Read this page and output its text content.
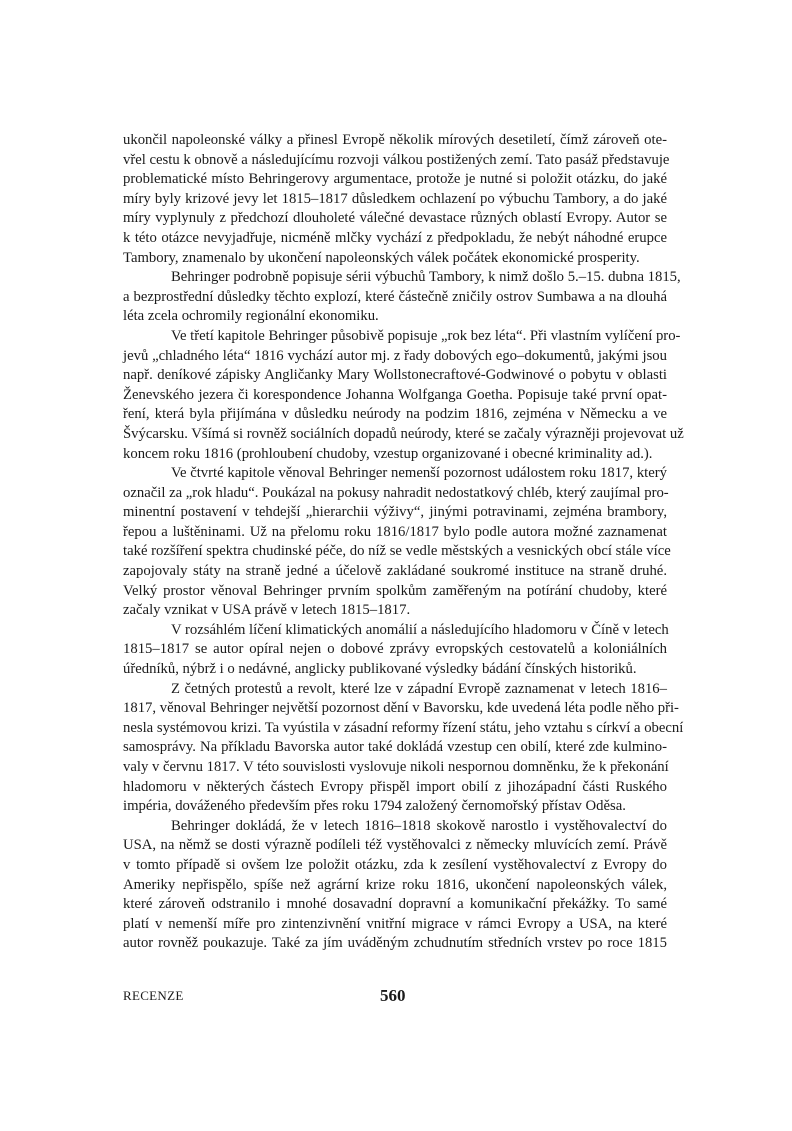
ukončil napoleonské války a přinesl Evropě několik mírových desetiletí, čímž zároveň ote-
vřel cestu k obnově a následujícímu rozvoji válkou postižených zemí. Tato pasáž představuje
problematické místo Behringerovy argumentace, protože je nutné si položit otázku, do jaké
míry byly krizové jevy let 1815–1817 důsledkem ochlazení po výbuchu Tambory, a do jaké
míry vyplynuly z předchozí dlouholeté válečné devastace různých oblastí Evropy. Autor se
k této otázce nevyjadřuje, nicméně mlčky vychází z předpokladu, že nebýt náhodné erupce
Tambory, znamenalo by ukončení napoleonských válek počátek ekonomické prosperity.
Behringer podrobně popisuje sérii výbuchů Tambory, k nimž došlo 5.–15. dubna 1815,
a bezprostřední důsledky těchto explozí, které částečně zničily ostrov Sumbawa a na dlouhá
léta zcela ochromily regionální ekonomiku.
Ve třetí kapitole Behringer působivě popisuje „rok bez léta“. Při vlastním vylíčení pro-
jevů „chladného léta“ 1816 vychází autor mj. z řady dobových ego–dokumentů, jakými jsou
např. deníkové zápisky Angličanky Mary Wollstonecraftové-Godwinové o pobytu v oblasti
Ženevského jezera či korespondence Johanna Wolfganga Goetha. Popisuje také první opat-
ření, která byla přijímána v důsledku neúrody na podzim 1816, zejména v Německu a ve
Švýcarsku. Všímá si rovněž sociálních dopadů neúrody, které se začaly výrazněji projevovat už
koncem roku 1816 (prohloubení chudoby, vzestup organizované i obecné kriminality ad.).
Ve čtvrté kapitole věnoval Behringer nemenší pozornost událostem roku 1817, který
označil za „rok hladu“. Poukázal na pokusy nahradit nedostatkový chléb, který zaujímal pro-
minentní postavení v tehdejší „hierarchii výživy“, jinými potravinami, zejména brambory,
řepou a luštěninami. Už na přelomu roku 1816/1817 bylo podle autora možné zaznamenat
také rozšíření spektra chudinské péče, do níž se vedle městských a vesnických obcí stále více
zapojovaly státy na straně jedné a účelově zakládané soukromé instituce na straně druhé.
Velký prostor věnoval Behringer prvním spolkům zaměřeným na potírání chudoby, které
začaly vznikat v USA právě v letech 1815–1817.
V rozsáhlém líčení klimatických anomálií a následujícího hladomoru v Číně v letech
1815–1817 se autor opíral nejen o dobové zprávy evropských cestovatelů a koloniálních
úředníků, nýbrž i o nedávné, anglicky publikované výsledky bádání čínských historiků.
Z četných protestů a revolt, které lze v západní Evropě zaznamenat v letech 1816–
1817, věnoval Behringer největší pozornost dění v Bavorsku, kde uvedená léta podle něho při-
nesla systémovou krizi. Ta vyústila v zásadní reformy řízení státu, jeho vztahu s církví a obecní
samosprávy. Na příkladu Bavorska autor také dokládá vzestup cen obilí, které zde kulmino-
valy v červnu 1817. V této souvislosti vyslovuje nikoli nespornou domněnku, že k překonání
hladomoru v některých částech Evropy přispěl import obilí z jihozápadní části Ruského
impéria, dováženého především přes roku 1794 založený černomořský přístav Oděsa.
Behringer dokládá, že v letech 1816–1818 skokově narostlo i vystěhovalectví do
USA, na němž se dosti výrazně podíleli též vystěhovalci z německy mluvících zemí. Právě
v tomto případě si ovšem lze položit otázku, zda k zesílení vystěhovalectví z Evropy do
Ameriky nepřispělo, spíše než agrární krize roku 1816, ukončení napoleonských válek,
které zároveň odstranilo i mnohé dosavadní dopravní a komunikační překážky. To samé
platí v nemenší míře pro zintenzivnění vnitřní migrace v rámci Evropy a USA, na které
autor rovněž poukazuje. Také za jím uváděným zchudnutím středních vrstev po roce 1815
RECENZE	560
